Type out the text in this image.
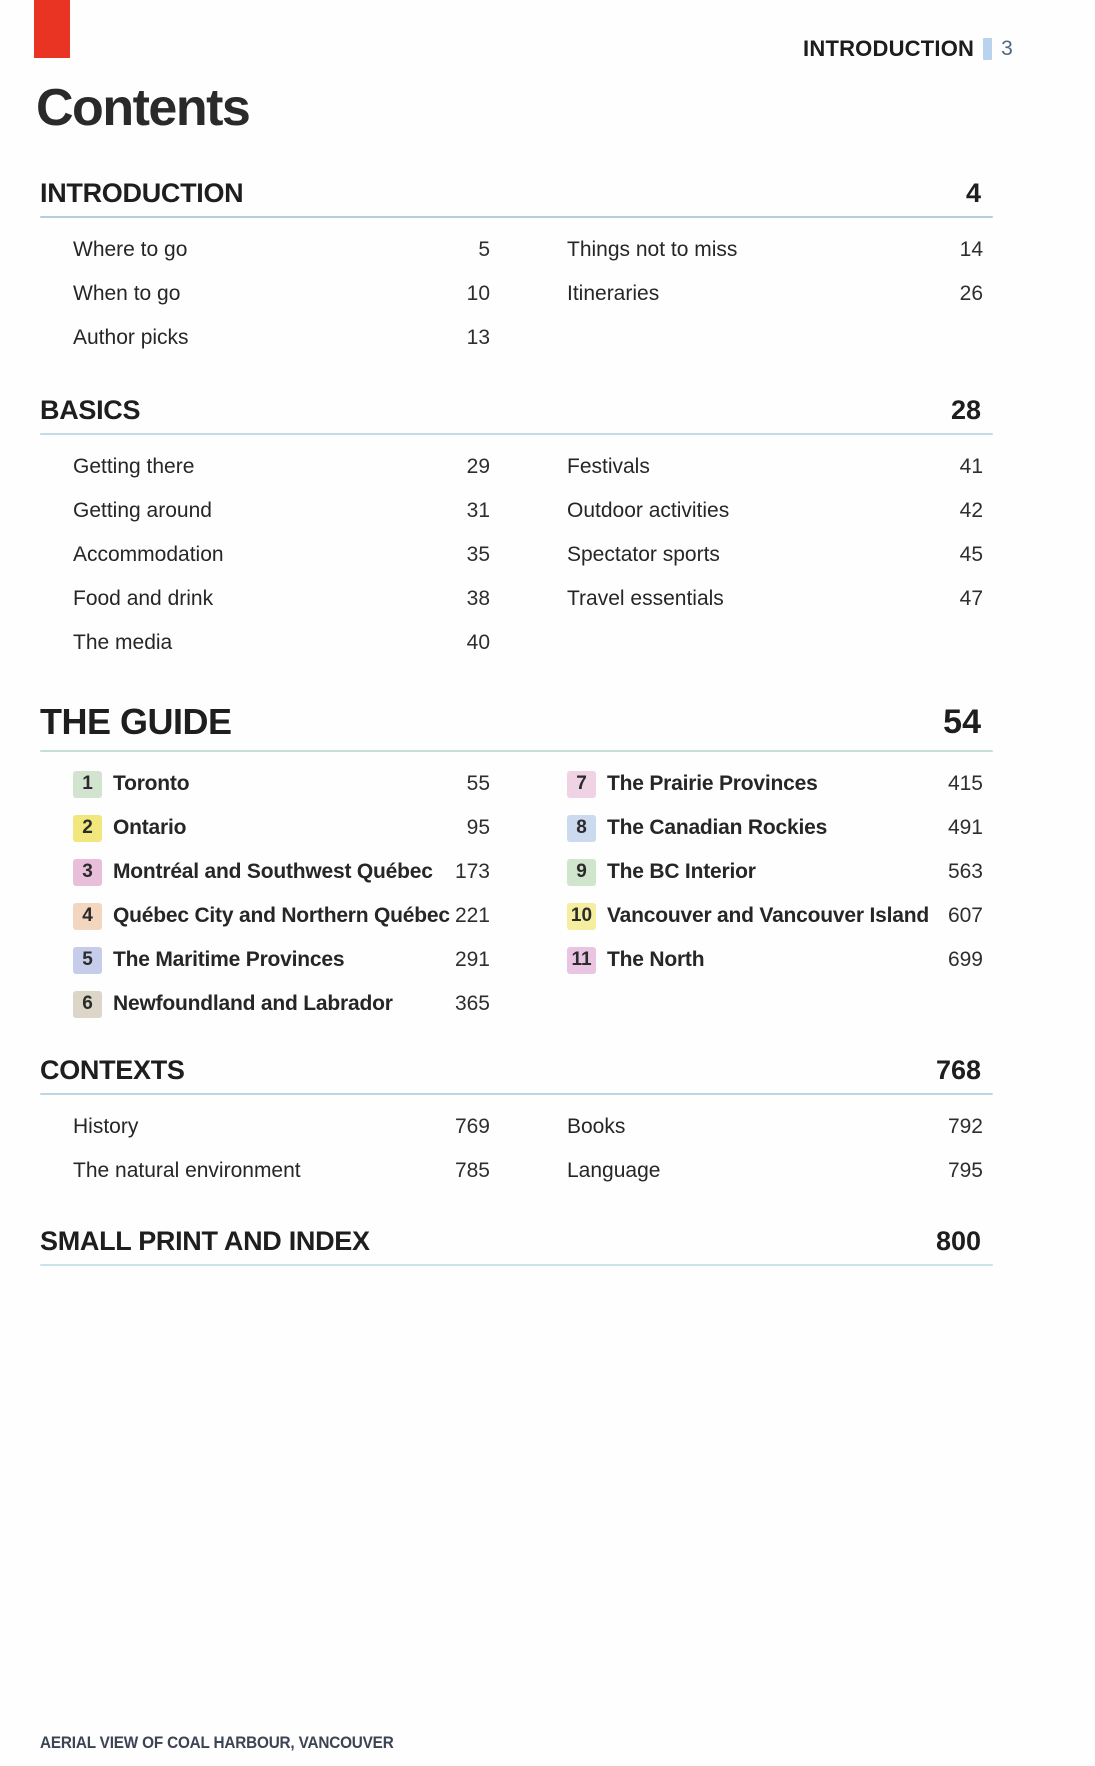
INTRODUCTION 3
Contents
INTRODUCTION	4
Where to go	5
When to go	10
Author picks	13
Things not to miss	14
Itineraries	26
BASICS	28
Getting there	29
Getting around	31
Accommodation	35
Food and drink	38
The media	40
Festivals	41
Outdoor activities	42
Spectator sports	45
Travel essentials	47
THE GUIDE	54
1 Toronto	55
2 Ontario	95
3 Montréal and Southwest Québec 173
4 Québec City and Northern Québec 221
5 The Maritime Provinces	291
6 Newfoundland and Labrador	365
7 The Prairie Provinces	415
8 The Canadian Rockies	491
9 The BC Interior	563
10 Vancouver and Vancouver Island 607
11 The North	699
CONTEXTS	768
History	769
The natural environment	785
Books	792
Language	795
SMALL PRINT AND INDEX	800
AERIAL VIEW OF COAL HARBOUR, VANCOUVER
